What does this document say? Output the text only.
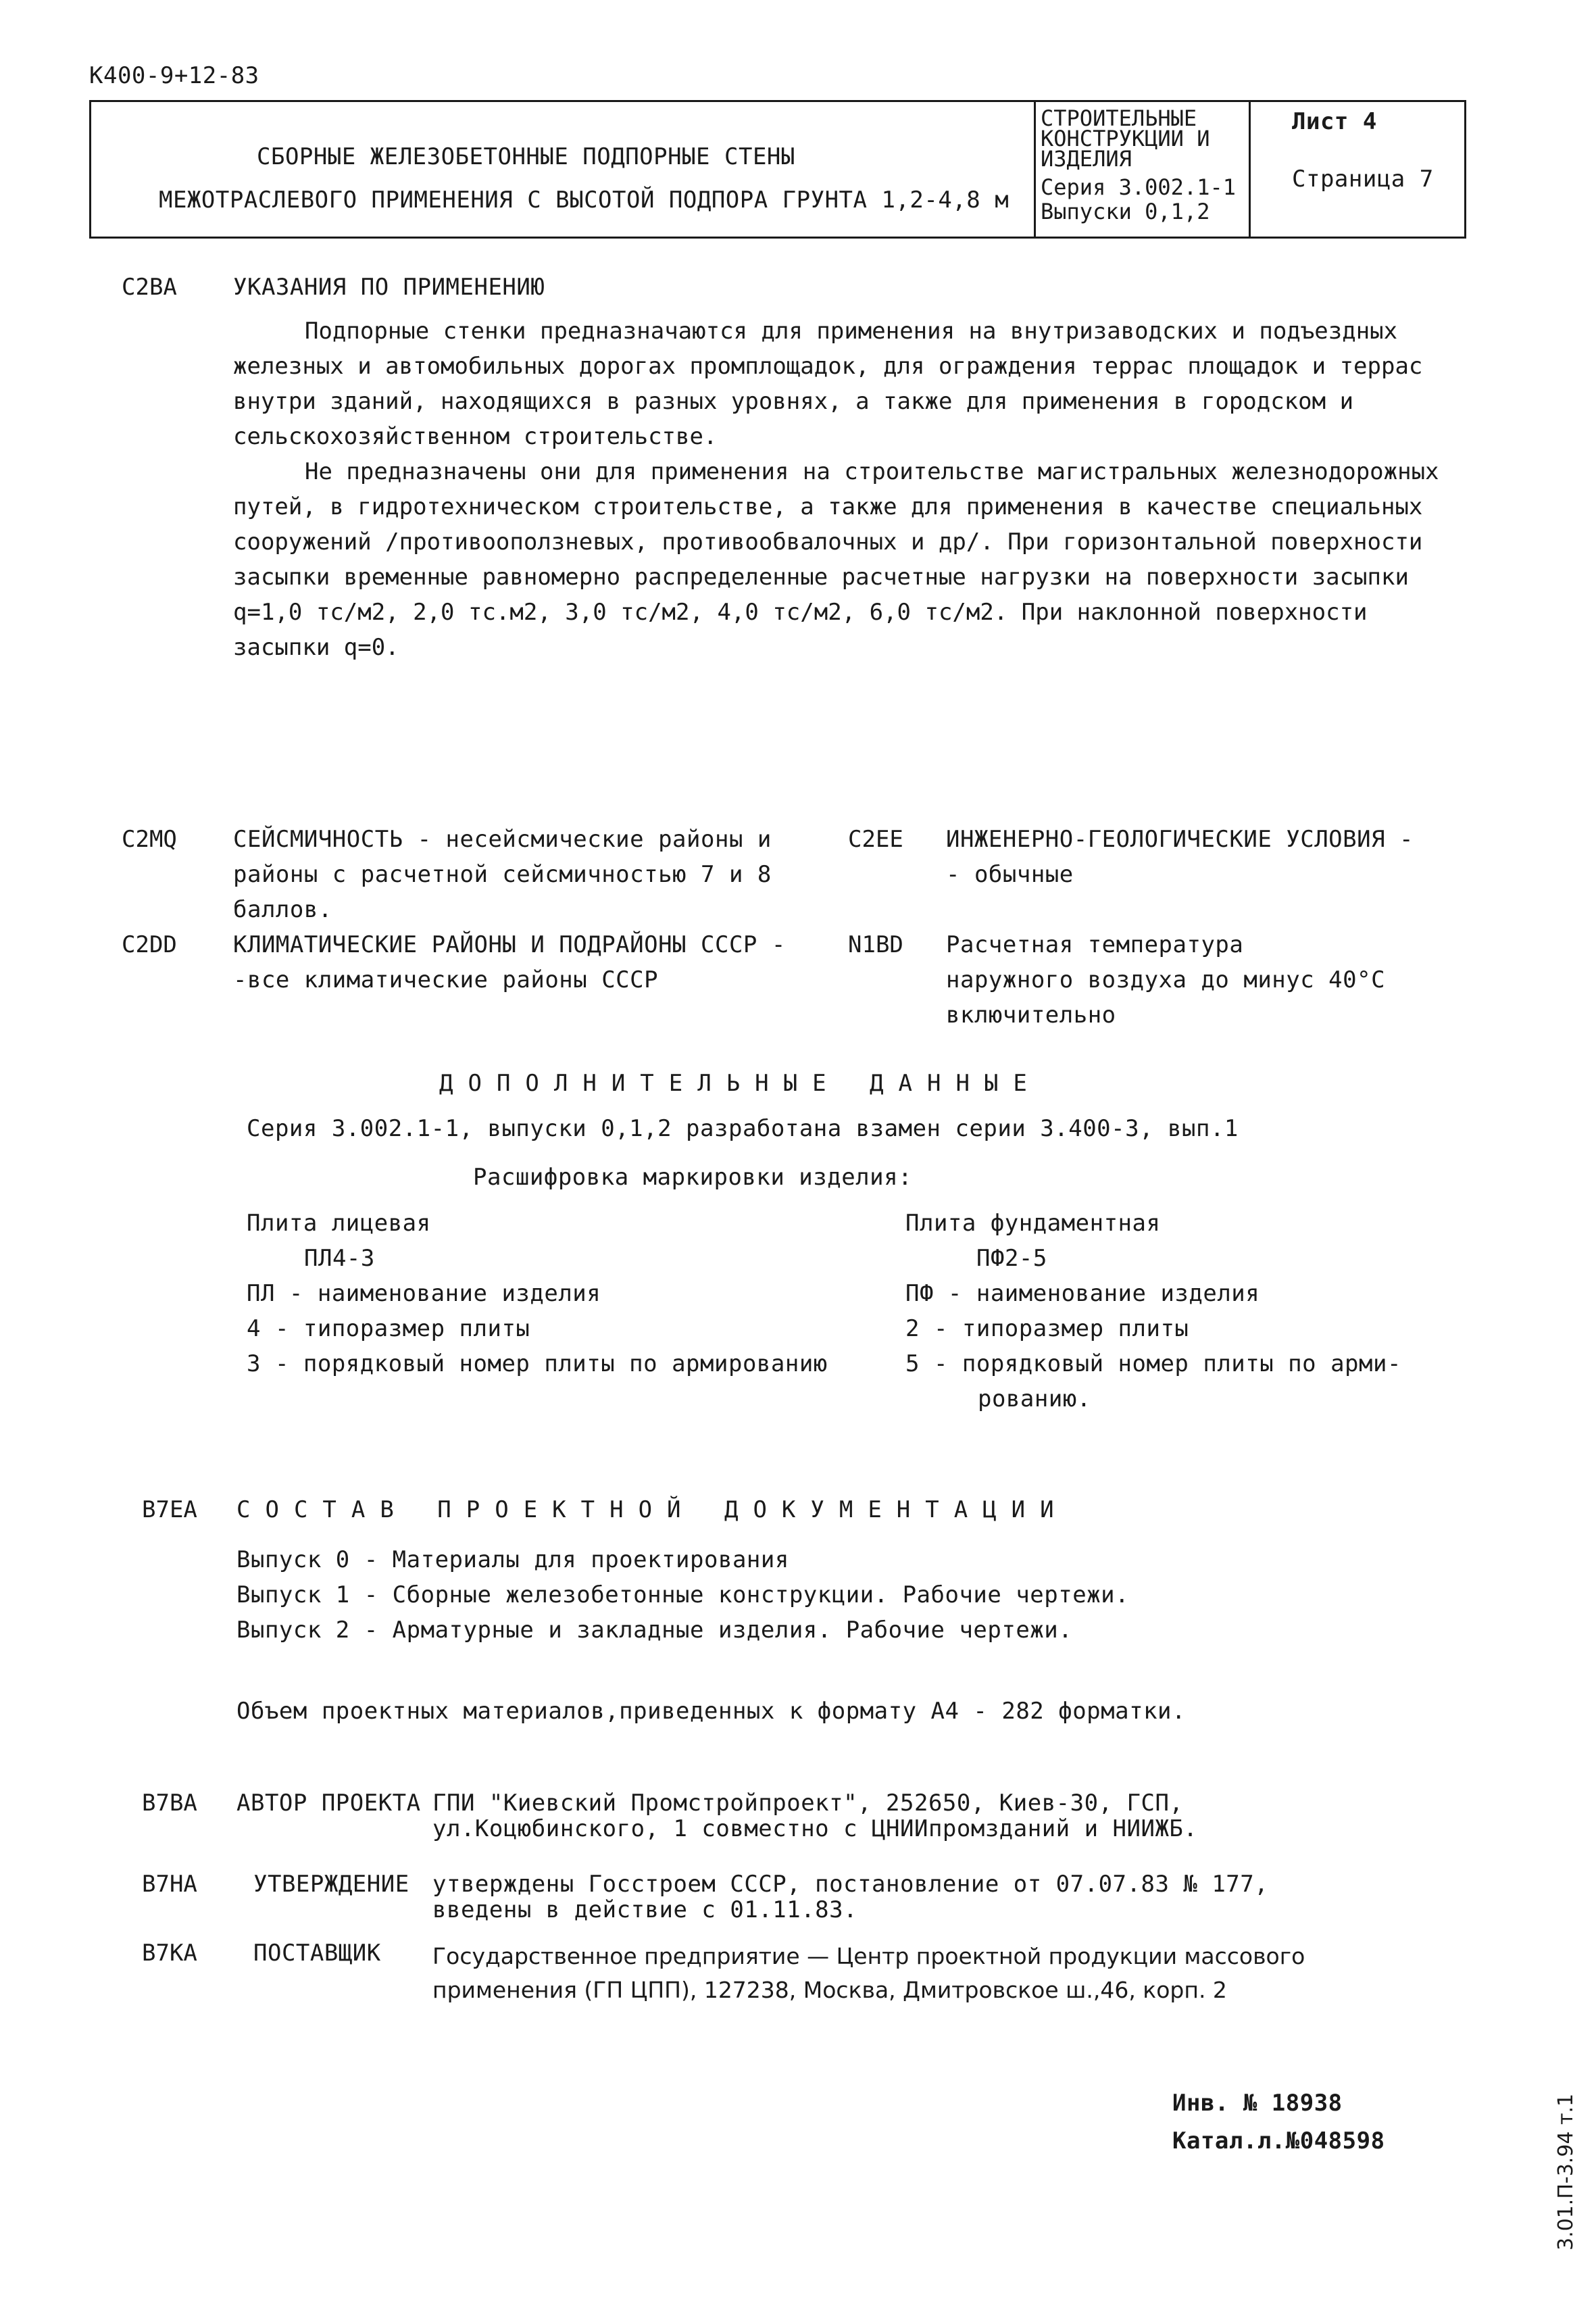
К400-9+12-83
СБОРНЫЕ ЖЕЛЕЗОБЕТОННЫЕ ПОДПОРНЫЕ СТЕНЫ
МЕЖОТРАСЛЕВОГО ПРИМЕНЕНИЯ С ВЫСОТОЙ ПОДПОРА ГРУНТА 1,2-4,8 м
СТРОИТЕЛЬНЫЕ
КОНСТРУКЦИИ И
ИЗДЕЛИЯ
Серия 3.002.1-1
Выпуски 0,1,2
Лист 4
Страница 7
С2ВА УКАЗАНИЯ ПО ПРИМЕНЕНИЮ

Подпорные стенки предназначаются для применения на внутризаводских и подъездных железных и автомобильных дорогах промплощадок, для ограждения террас площадок и террас внутри зданий, находящихся в разных уровнях, а также для применения в городском и сельскохозяйственном строительстве.

Не предназначены они для применения на строительстве магистральных железнодорожных путей, в гидротехническом строительстве, а также для применения в качестве специальных сооружений /противооползневых, противообвалочных и др/. При горизонтальной поверхности засыпки временные равномерно распределенные расчетные нагрузки на поверхности засыпки q=1,0 тс/м2, 2,0 тс.м2, 3,0 тс/м2, 4,0 тс/м2, 6,0 тс/м2. При наклонной поверхности засыпки q=0.

С2МQ СЕЙСМИЧНОСТЬ - несейсмические районы и
районы с расчетной сейсмичностью 7 и 8
баллов.
С2ЕЕ ИНЖЕНЕРНО-ГЕОЛОГИЧЕСКИЕ УСЛОВИЯ -
- обычные
С2DD КЛИМАТИЧЕСКИЕ РАЙОНЫ И ПОДРАЙОНЫ СССР -
-все климатические районы СССР
N1BD Расчетная температура
наружного воздуха до минус 40°С
включительно
ДОПОЛНИТЕЛЬНЫЕ ДАННЫЕ
Серия 3.002.1-1, выпуски 0,1,2 разработана взамен серии 3.400-3, вып.1
Расшифровка маркировки изделия:
Плита лицевая
ПЛ4-3
ПЛ - наименование изделия
4 - типоразмер плиты
3 - порядковый номер плиты по армированию
Плита фундаментная
ПФ2-5
ПФ - наименование изделия
2 - типоразмер плиты
5 - порядковый номер плиты по арми-
рованию.
В7ЕА СОСТАВ ПРОЕКТНОЙ ДОКУМЕНТАЦИИ
Выпуск 0 - Материалы для проектирования
Выпуск 1 - Сборные железобетонные конструкции. Рабочие чертежи.
Выпуск 2 - Арматурные и закладные изделия. Рабочие чертежи.
Объем проектных материалов,приведенных к формату А4 - 282 форматки.
В7ВА АВТОР ПРОЕКТА ГПИ "Киевский Промстройпроект", 252650, Киев-30, ГСП,
ул.Коцюбинского, 1 совместно с ЦНИИпромзданий и НИИЖБ.
В7НА УТВЕРЖДЕНИЕ утверждены Госстроем СССР, постановление от 07.07.83 № 177,
введены в действие с 01.11.83.
В7КА ПОСТАВЩИК Государственное предприятие — Центр проектной продукции массового
применения (ГП ЦПП), 127238, Москва, Дмитровское ш.,46, корп. 2
Инв. № 18938
Катал.л.№048598	3.01.П-3.94 т.1
